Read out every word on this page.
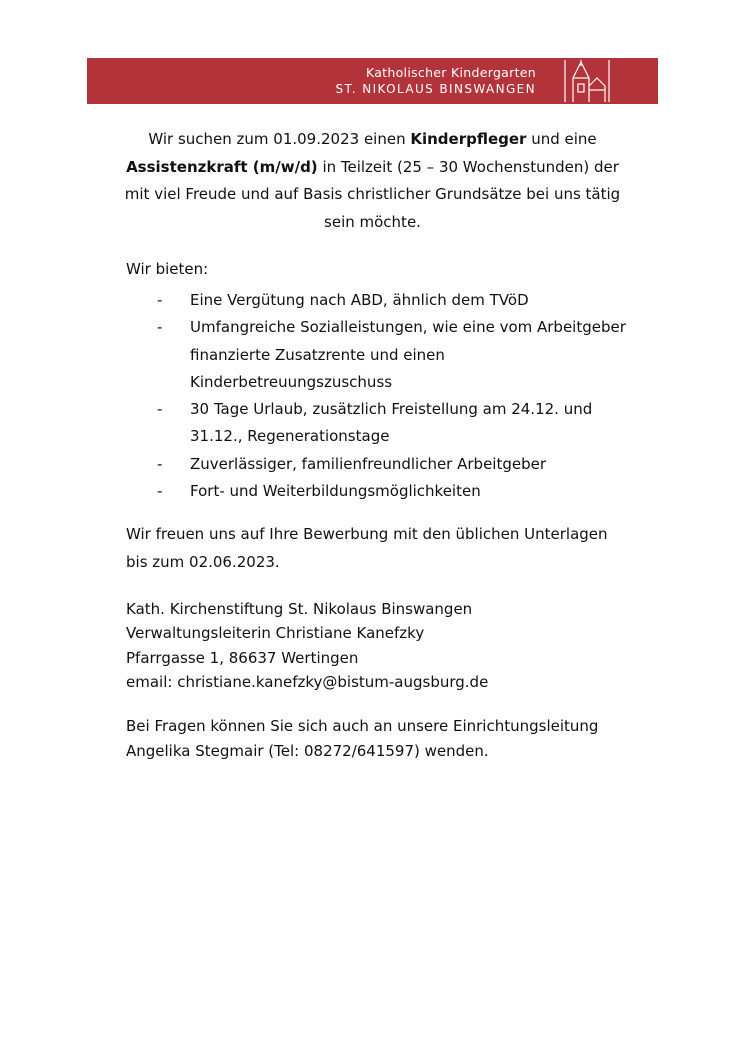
Katholischer Kindergarten
ST. NIKOLAUS BINSWANGEN
Wir suchen zum 01.09.2023 einen Kinderpfleger und eine Assistenzkraft (m/w/d) in Teilzeit (25 – 30 Wochenstunden) der mit viel Freude und auf Basis christlicher Grundsätze bei uns tätig sein möchte.
Wir bieten:
- Eine Vergütung nach ABD, ähnlich dem TVöD
- Umfangreiche Sozialleistungen, wie eine vom Arbeitgeber finanzierte Zusatzrente und einen Kinderbetreuungszuschuss
- 30 Tage Urlaub, zusätzlich Freistellung am 24.12. und 31.12., Regenerationstage
- Zuverlässiger, familienfreundlicher Arbeitgeber
- Fort- und Weiterbildungsmöglichkeiten
Wir freuen uns auf Ihre Bewerbung mit den üblichen Unterlagen bis zum 02.06.2023.
Kath. Kirchenstiftung St. Nikolaus Binswangen
Verwaltungsleiterin Christiane Kanefzky
Pfarrgasse 1, 86637 Wertingen
email: christiane.kanefzky@bistum-augsburg.de
Bei Fragen können Sie sich auch an unsere Einrichtungsleitung
Angelika Stegmair (Tel: 08272/641597) wenden.
